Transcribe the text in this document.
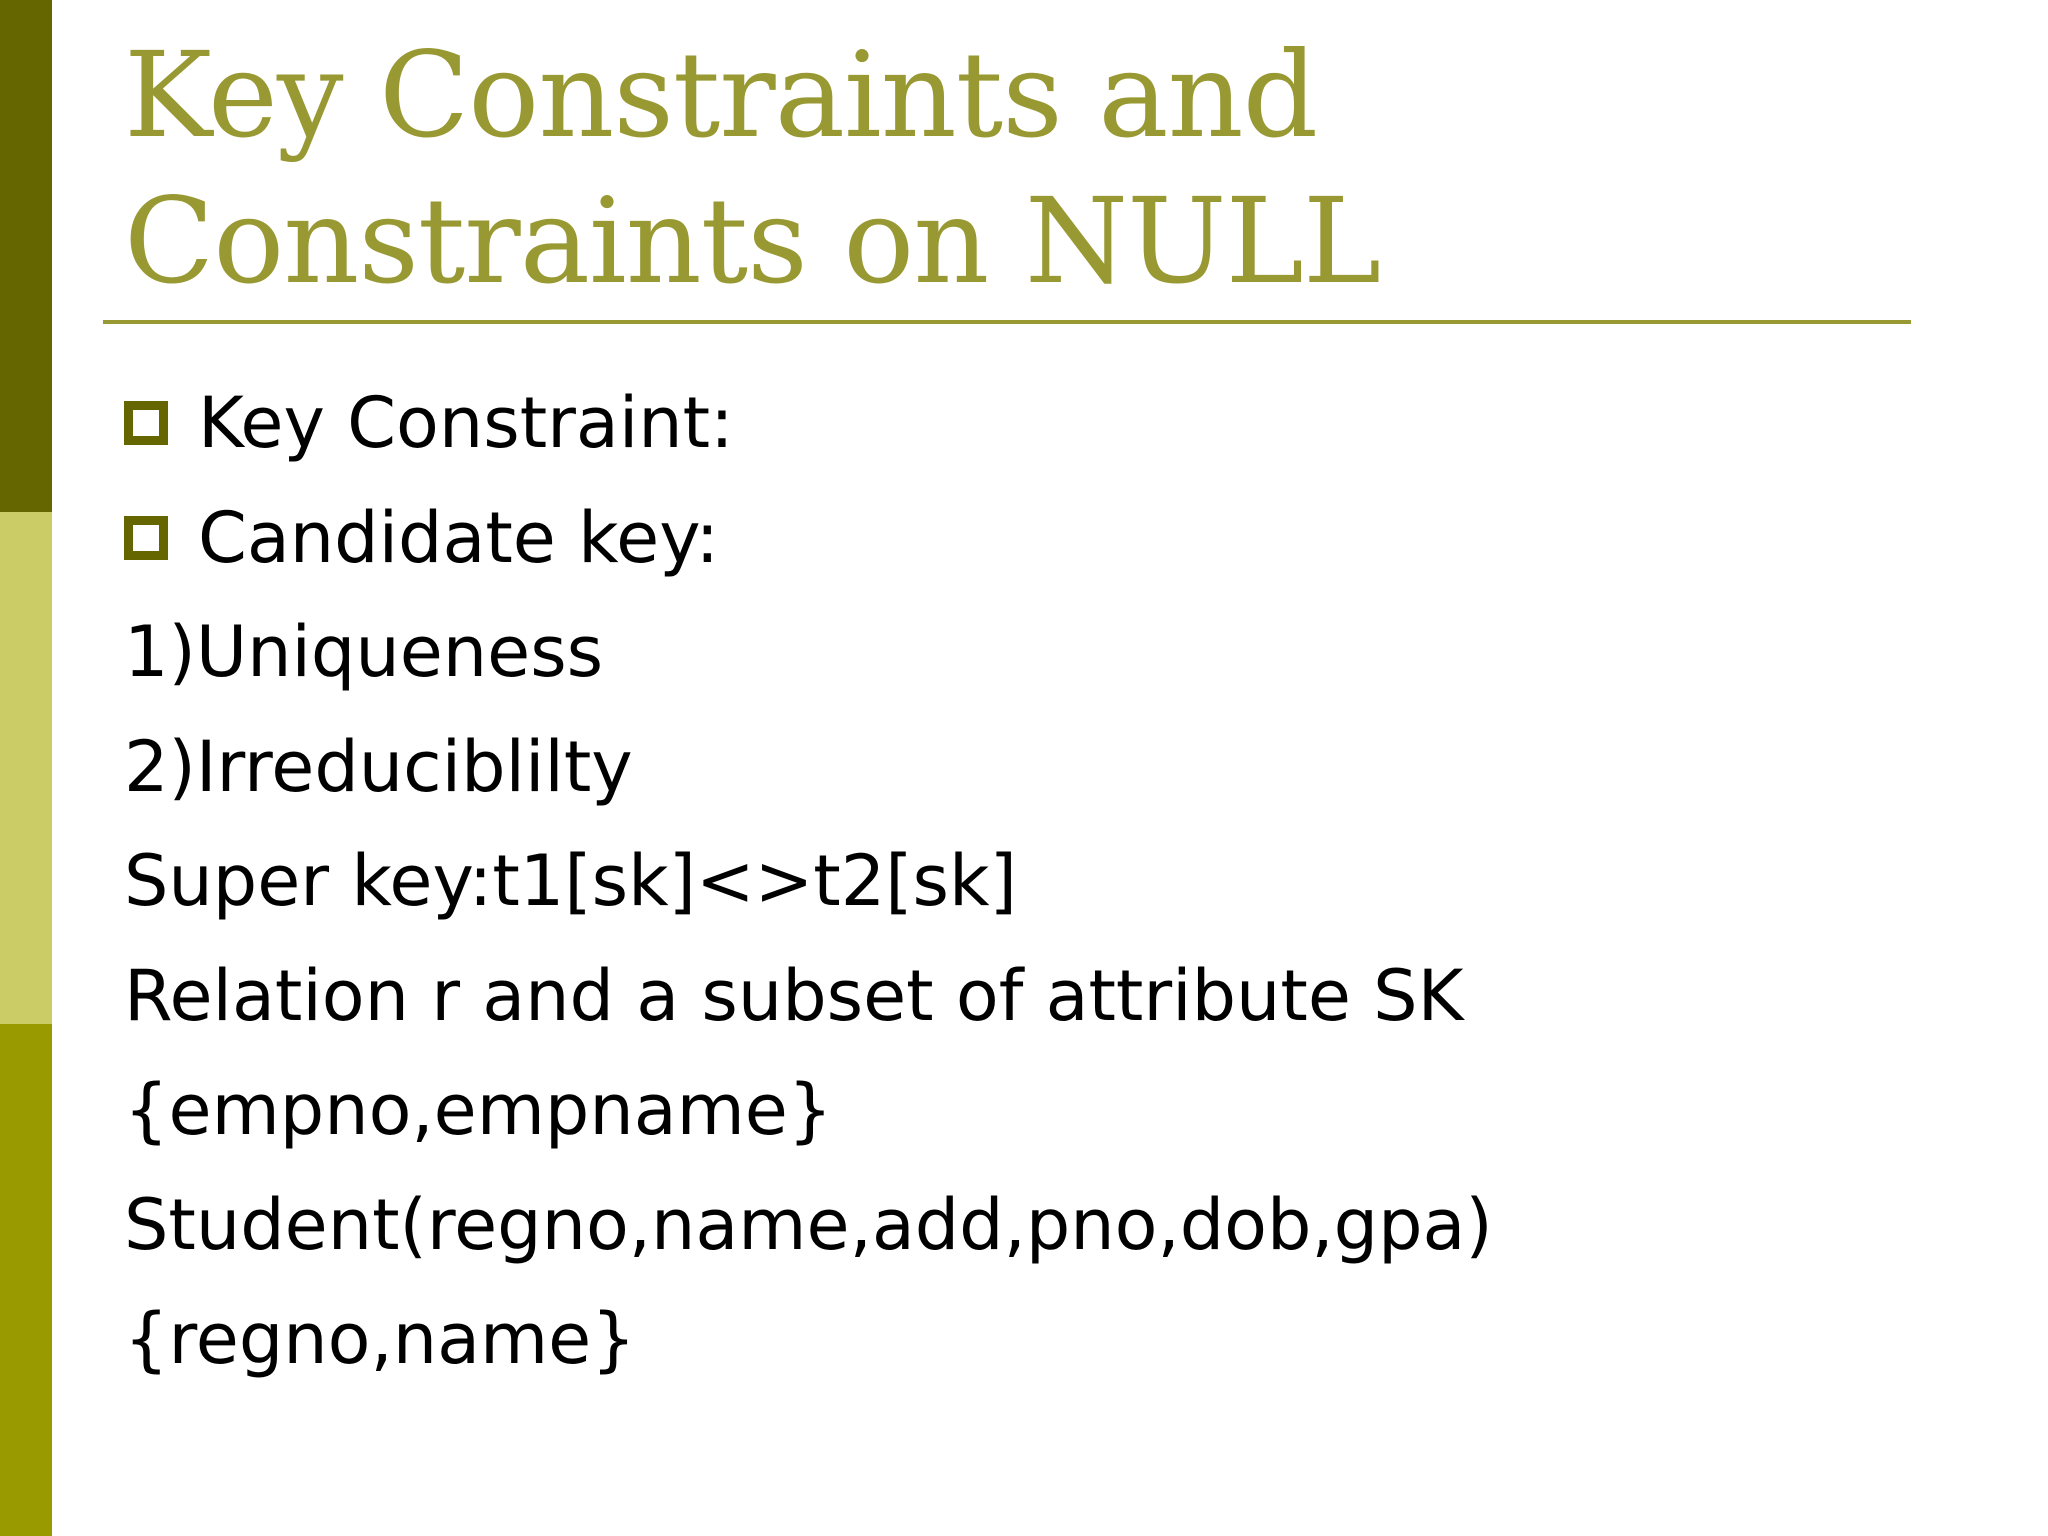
Key Constraints and Constraints on NULL
Key Constraint:
Candidate key:
1)Uniqueness
2)Irreduciblilty
Super key:t1[sk]<>t2[sk]
Relation r and a subset of attribute SK
{empno,empname}
Student(regno,name,add,pno,dob,gpa)
{regno,name}
